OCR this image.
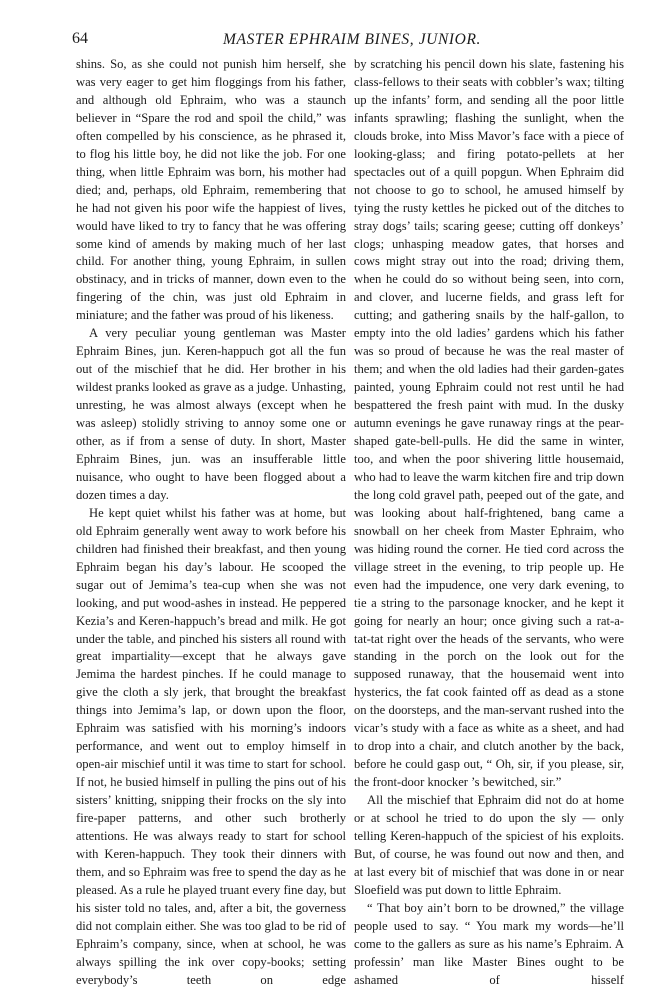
64	MASTER EPHRAIM BINES, JUNIOR.

shins. So, as she could not punish him herself, she was very eager to get him floggings from his father, and although old Ephraim, who was a staunch believer in “Spare the rod and spoil the child,” was often compelled by his conscience, as he phrased it, to flog his little boy, he did not like the job. For one thing, when little Ephraim was born, his mother had died; and, perhaps, old Ephraim, remembering that he had not given his poor wife the happiest of lives, would have liked to try to fancy that he was offering some kind of amends by making much of her last child. For another thing, young Ephraim, in sullen obstinacy, and in tricks of manner, down even to the fingering of the chin, was just old Ephraim in miniature; and the father was proud of his likeness.

A very peculiar young gentleman was Master Ephraim Bines, jun. Keren-happuch got all the fun out of the mischief that he did. Her brother in his wildest pranks looked as grave as a judge. Unhasting, unresting, he was almost always (except when he was asleep) stolidly striving to annoy some one or other, as if from a sense of duty. In short, Master Ephraim Bines, jun. was an insufferable little nuisance, who ought to have been flogged about a dozen times a day.

He kept quiet whilst his father was at home, but old Ephraim generally went away to work before his children had finished their breakfast, and then young Ephraim began his day’s labour. He scooped the sugar out of Jemima’s tea-cup when she was not looking, and put wood-ashes in instead. He peppered Kezia’s and Keren-happuch’s bread and milk. He got under the table, and pinched his sisters all round with great impartiality—except that he always gave Jemima the hardest pinches. If he could manage to give the cloth a sly jerk, that brought the breakfast things into Jemima’s lap, or down upon the floor, Ephraim was satisfied with his morning’s indoors performance, and went out to employ himself in open-air mischief until it was time to start for school. If not, he busied himself in pulling the pins out of his sisters’ knitting, snipping their frocks on the sly into fire-paper patterns, and other such brotherly attentions. He was always ready to start for school with Keren-happuch. They took their dinners with them, and so Ephraim was free to spend the day as he pleased. As a rule he played truant every fine day, but his sister told no tales, and, after a bit, the governess did not complain either. She was too glad to be rid of Ephraim’s company, since, when at school, he was always spilling the ink over copy-books; setting everybody’s teeth on edge

by scratching his pencil down his slate, fastening his class-fellows to their seats with cobbler’s wax; tilting up the infants’ form, and sending all the poor little infants sprawling; flashing the sunlight, when the clouds broke, into Miss Mavor’s face with a piece of looking-glass; and firing potato-pellets at her spectacles out of a quill popgun. When Ephraim did not choose to go to school, he amused himself by tying the rusty kettles he picked out of the ditches to stray dogs’ tails; scaring geese; cutting off donkeys’ clogs; unhasping meadow gates, that horses and cows might stray out into the road; driving them, when he could do so without being seen, into corn, and clover, and lucerne fields, and grass left for cutting; and gathering snails by the half-gallon, to empty into the old ladies’ gardens which his father was so proud of because he was the real master of them; and when the old ladies had their garden-gates painted, young Ephraim could not rest until he had bespattered the fresh paint with mud. In the dusky autumn evenings he gave runaway rings at the pear-shaped gate-bell-pulls. He did the same in winter, too, and when the poor shivering little housemaid, who had to leave the warm kitchen fire and trip down the long cold gravel path, peeped out of the gate, and was looking about half-frightened, bang came a snowball on her cheek from Master Ephraim, who was hiding round the corner. He tied cord across the village street in the evening, to trip people up. He even had the impudence, one very dark evening, to tie a string to the parsonage knocker, and he kept it going for nearly an hour; once giving such a rat-a-tat-tat right over the heads of the servants, who were standing in the porch on the look out for the supposed runaway, that the housemaid went into hysterics, the fat cook fainted off as dead as a stone on the doorsteps, and the man-servant rushed into the vicar’s study with a face as white as a sheet, and had to drop into a chair, and clutch another by the back, before he could gasp out, “ Oh, sir, if you please, sir, the front-door knocker ’s bewitched, sir.”

All the mischief that Ephraim did not do at home or at school he tried to do upon the sly — only telling Keren-happuch of the spiciest of his exploits. But, of course, he was found out now and then, and at last every bit of mischief that was done in or near Sloefield was put down to little Ephraim.

“ That boy ain’t born to be drowned,” the village people used to say. “ You mark my words—he’ll come to the gallers as sure as his name’s Ephraim. A professin’ man like Master Bines ought to be ashamed of hisself
